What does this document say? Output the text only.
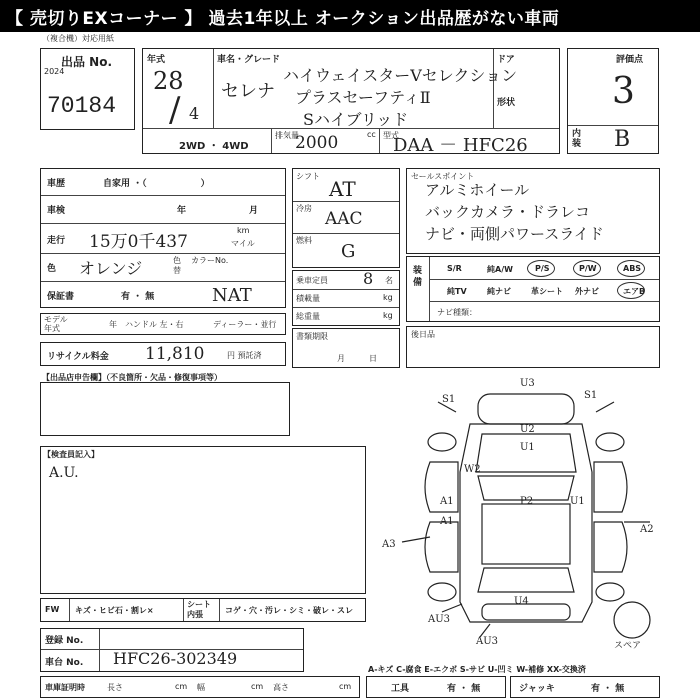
【 売切りEXコーナー 】 過去1年以上 オークション出品歴がない車両
（複合機）対応用紙
出品 No.
2024
70184
年式
28
/ 4
車名・グレード
セレナ
ハイウェイスターVセレクション
プラスセーフティⅡ
Sハイブリッド
ドア
形状
2WD ・ 4WD
排気量	cc
2000	型式
DAA － HFC26
評価点
3
内装 B
車歴	自家用 ・（　　　　　　）
車検	年	月
走行 15万0千437
km
マイル
色 オレンジ	色替
カラーNo.
保証書	有 ・ 無	NAT
モデル年式	年 ハンドル 左・右	ディーラー・並行
シフト
AT
冷房
AAC
燃料
G
乗車定員 8 名
積載量	kg
総重量	kg
セールスポイント
アルミホイール
バックカメラ・ドラレコ
ナビ・両側パワースライド
装備
S/R	純A/W	P/S	P/W	ABS
純TV	純ナビ	革シート 外ナビ	エアB
ナビ種類：
リサイクル料金 11,810	円 預託済
書類期限
月　　　日
後日品
【出品店申告欄】（不良箇所・欠品・修復事項等）
【検査員記入】
A.U.
S1
U3
S1
U2
U1
W2
A1	P2	U1
A1
A2
A3
U4
AU3
AU3	スペア
FW キズ・ヒビ石・割レ×
シート内張	コゲ・穴・汚レ・シミ・破レ・スレ
登録 No.
車台 No. HFC26-302349
A-キズ C-腐食 E-エクボ S-サビ U-凹ミ W-補修 XX-交換済
車庫証明時	長さ	cm 幅	cm 高さ	cm	工具	有 ・ 無	ジャッキ	有 ・ 無
